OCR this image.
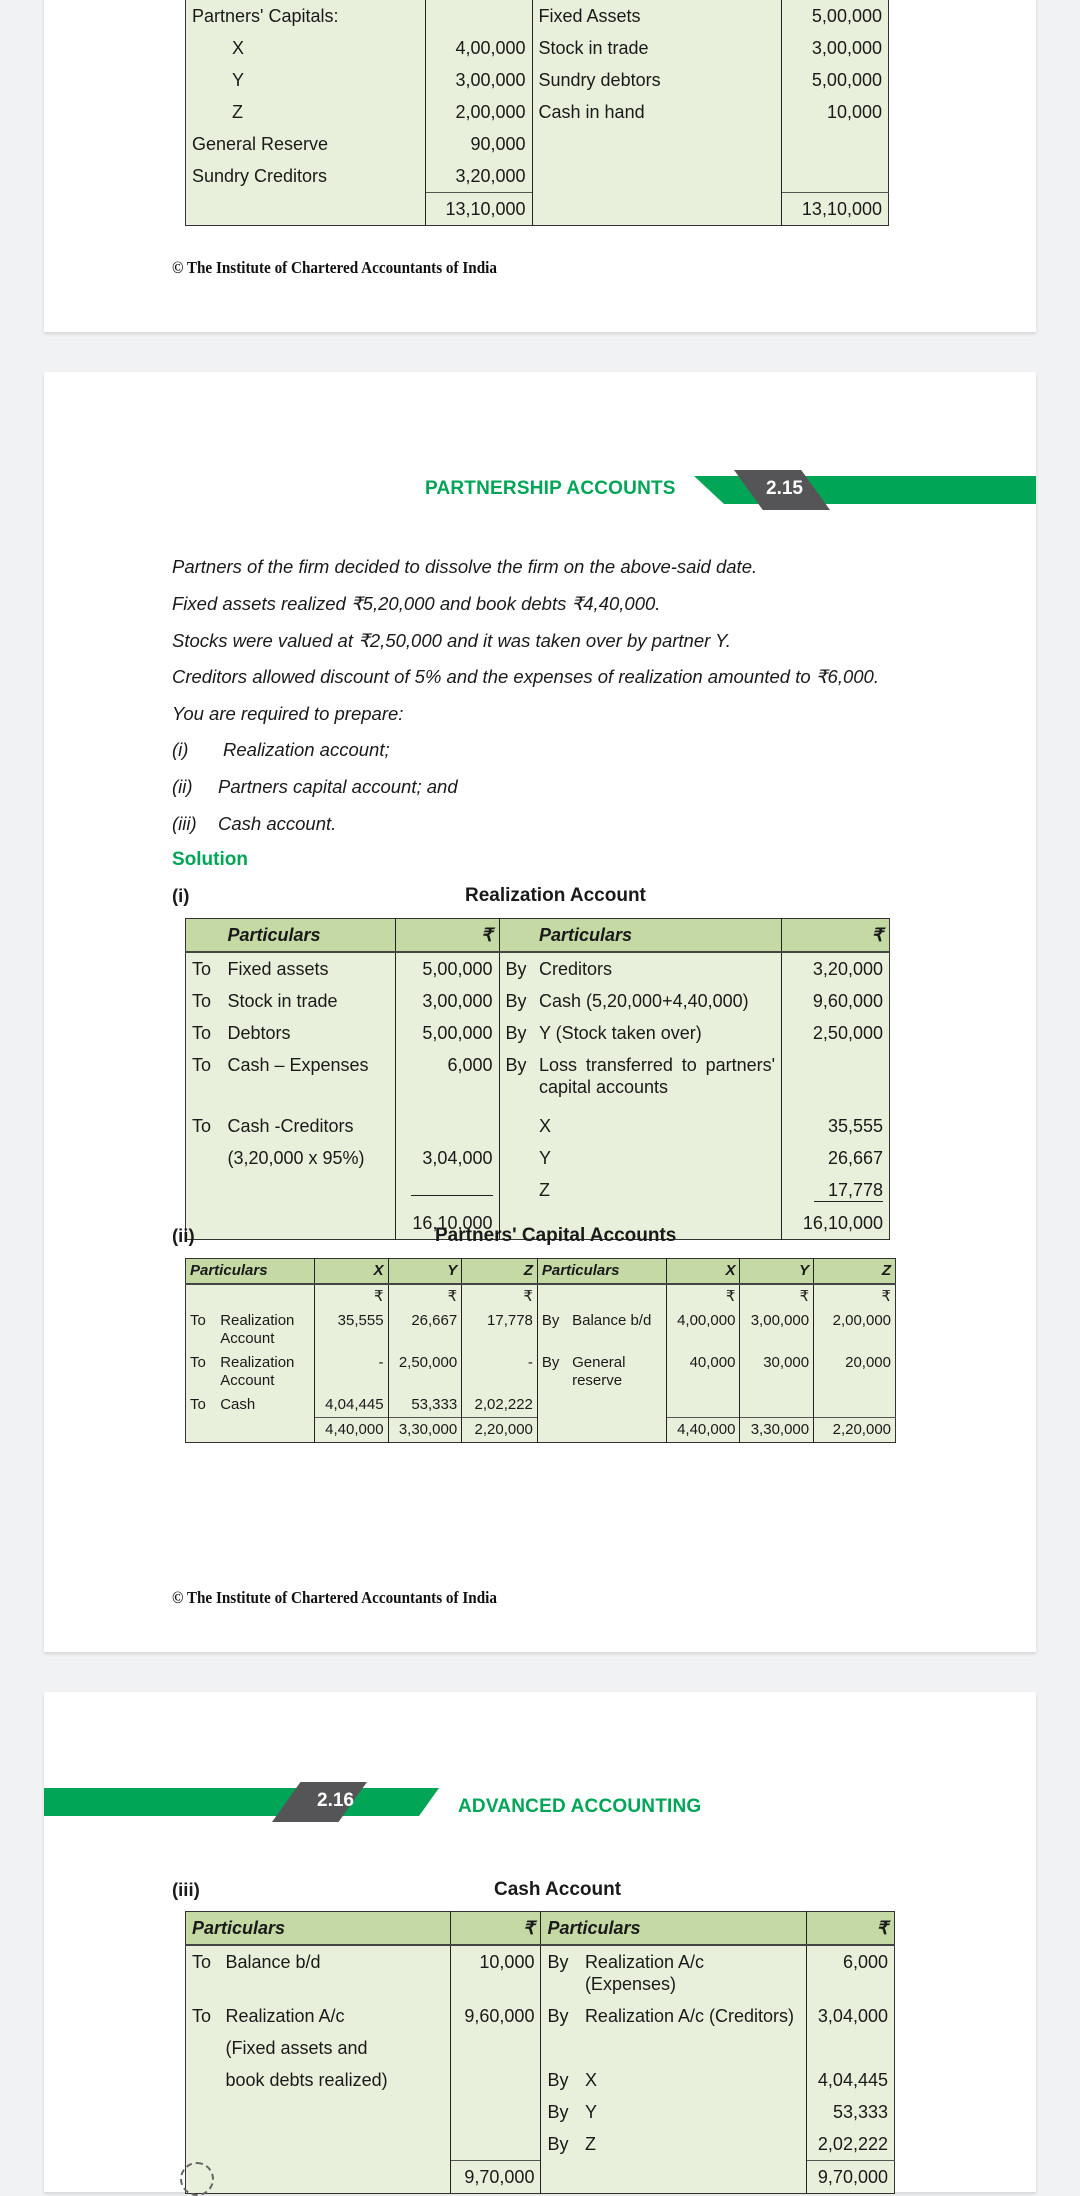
Partners' Capitals:		Fixed Assets	5,00,000
X	4,00,000	Stock in trade	3,00,000
Y	3,00,000	Sundry debtors	5,00,000
Z	2,00,000	Cash in hand	10,000
General Reserve	90,000		
Sundry Creditors	3,20,000		
	13,10,000		13,10,000
© The Institute of Chartered Accountants of India
PARTNERSHIP ACCOUNTS	2.15
Partners of the firm decided to dissolve the firm on the above-said date.
Fixed assets realized ₹5,20,000 and book debts ₹4,40,000.
Stocks were valued at ₹2,50,000 and it was taken over by partner Y.
Creditors allowed discount of 5% and the expenses of realization amounted to ₹6,000.
You are required to prepare:
(i) Realization account;
(ii) Partners capital account; and
(iii) Cash account.
Solution
(i)	Realization Account
	Particulars	₹		Particulars	₹
To	Fixed assets	5,00,000	By	Creditors	3,20,000
To	Stock in trade	3,00,000	By	Cash (5,20,000+4,40,000)	9,60,000
To	Debtors	5,00,000	By	Y (Stock taken over)	2,50,000
To	Cash – Expenses	6,000	By	Loss transferred to partners' capital accounts	
To	Cash -Creditors			X	35,555
	(3,20,000 x 95%)	3,04,000		Y	26,667
				Z	17,778
		16,10,000			16,10,000
(ii)	Partners' Capital Accounts
Particulars		X	Y	Z	Particulars		X	Y	Z
		₹	₹	₹			₹	₹	₹
To	Realization Account	35,555	26,667	17,778	By	Balance b/d	4,00,000	3,00,000	2,00,000
To	Realization Account	-	2,50,000	-	By	General reserve	40,000	30,000	20,000
To	Cash	4,04,445	53,333	2,02,222					
		4,40,000	3,30,000	2,20,000			4,40,000	3,30,000	2,20,000
© The Institute of Chartered Accountants of India
2.16	ADVANCED ACCOUNTING
(iii)	Cash Account
Particulars		₹	Particulars		₹
To	Balance b/d	10,000	By	Realization A/c (Expenses)	6,000
To	Realization A/c	9,60,000	By	Realization A/c (Creditors)	3,04,000
	(Fixed assets and				
	book debts realized)		By	X	4,04,445
			By	Y	53,333
			By	Z	2,02,222
		9,70,000			9,70,000
